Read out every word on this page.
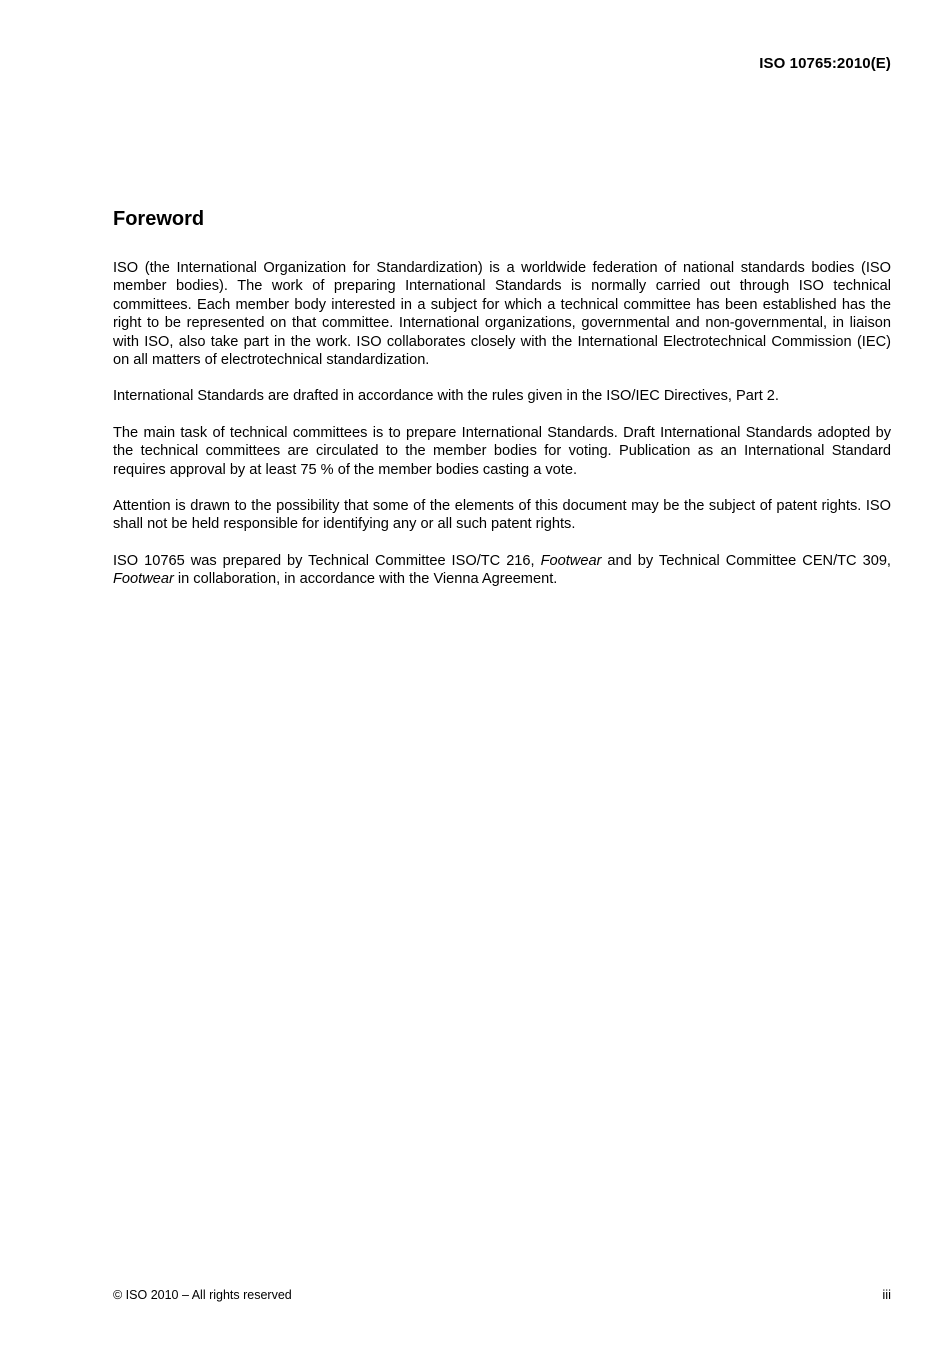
ISO 10765:2010(E)
Foreword

ISO (the International Organization for Standardization) is a worldwide federation of national standards bodies (ISO member bodies). The work of preparing International Standards is normally carried out through ISO technical committees. Each member body interested in a subject for which a technical committee has been established has the right to be represented on that committee. International organizations, governmental and non-governmental, in liaison with ISO, also take part in the work. ISO collaborates closely with the International Electrotechnical Commission (IEC) on all matters of electrotechnical standardization.

International Standards are drafted in accordance with the rules given in the ISO/IEC Directives, Part 2.

The main task of technical committees is to prepare International Standards. Draft International Standards adopted by the technical committees are circulated to the member bodies for voting. Publication as an International Standard requires approval by at least 75 % of the member bodies casting a vote.

Attention is drawn to the possibility that some of the elements of this document may be the subject of patent rights. ISO shall not be held responsible for identifying any or all such patent rights.

ISO 10765 was prepared by Technical Committee ISO/TC 216, Footwear and by Technical Committee CEN/TC 309, Footwear in collaboration, in accordance with the Vienna Agreement.

© ISO 2010 – All rights reserved	iii
